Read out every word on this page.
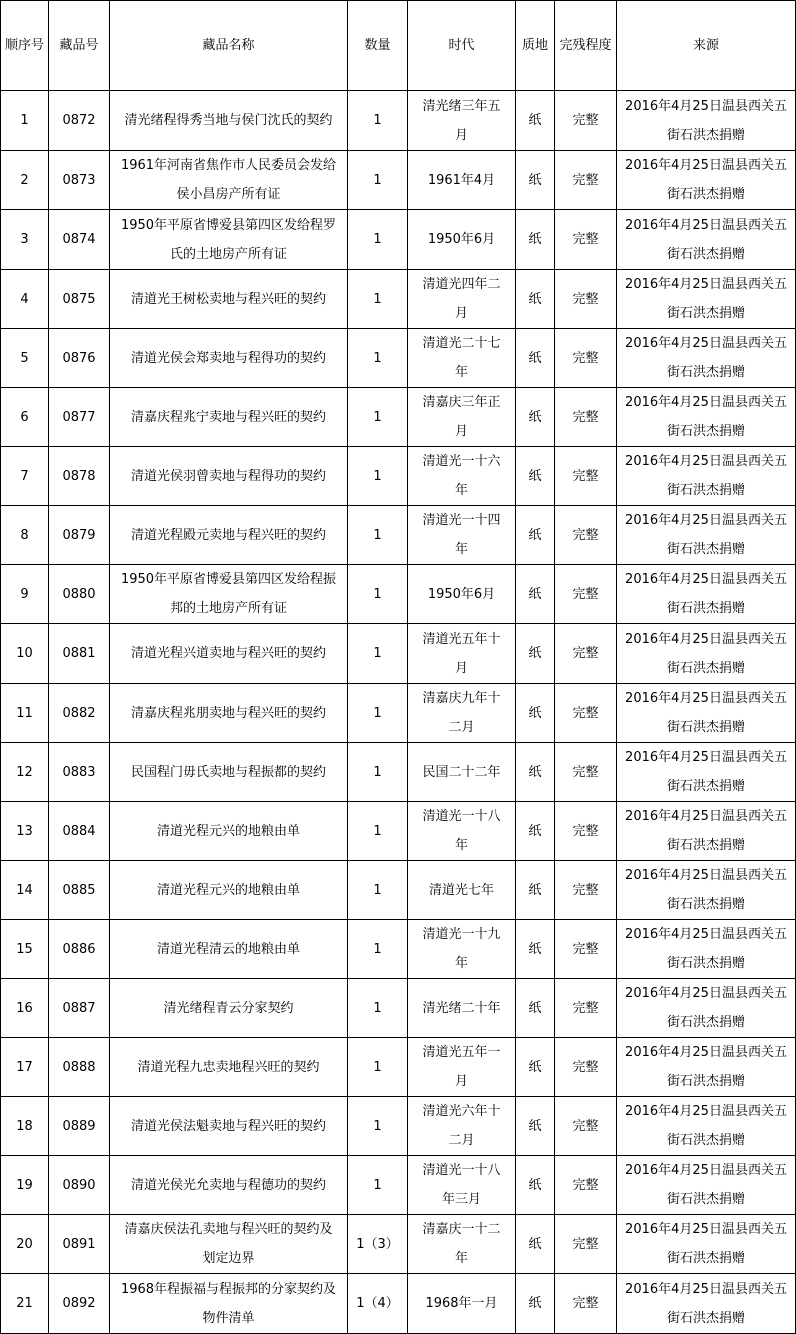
顺序号	藏品号	藏品名称	数量	时代	质地	完残程度	来源
1	0872	清光绪程得秀当地与侯门沈氏的契约	1	清光绪三年五月	纸	完整	2016年4月25日温县西关五街石洪杰捐赠
2	0873	1961年河南省焦作市人民委员会发给侯小昌房产所有证	1	1961年4月	纸	完整	2016年4月25日温县西关五街石洪杰捐赠
3	0874	1950年平原省博爱县第四区发给程罗氏的土地房产所有证	1	1950年6月	纸	完整	2016年4月25日温县西关五街石洪杰捐赠
4	0875	清道光王树松卖地与程兴旺的契约	1	清道光四年二月	纸	完整	2016年4月25日温县西关五街石洪杰捐赠
5	0876	清道光侯会郑卖地与程得功的契约	1	清道光二十七年	纸	完整	2016年4月25日温县西关五街石洪杰捐赠
6	0877	清嘉庆程兆宁卖地与程兴旺的契约	1	清嘉庆三年正月	纸	完整	2016年4月25日温县西关五街石洪杰捐赠
7	0878	清道光侯羽曾卖地与程得功的契约	1	清道光一十六年	纸	完整	2016年4月25日温县西关五街石洪杰捐赠
8	0879	清道光程殿元卖地与程兴旺的契约	1	清道光一十四年	纸	完整	2016年4月25日温县西关五街石洪杰捐赠
9	0880	1950年平原省博爱县第四区发给程振邦的土地房产所有证	1	1950年6月	纸	完整	2016年4月25日温县西关五街石洪杰捐赠
10	0881	清道光程兴道卖地与程兴旺的契约	1	清道光五年十月	纸	完整	2016年4月25日温县西关五街石洪杰捐赠
11	0882	清嘉庆程兆朋卖地与程兴旺的契约	1	清嘉庆九年十二月	纸	完整	2016年4月25日温县西关五街石洪杰捐赠
12	0883	民国程门毋氏卖地与程振都的契约	1	民国二十二年	纸	完整	2016年4月25日温县西关五街石洪杰捐赠
13	0884	清道光程元兴的地粮由单	1	清道光一十八年	纸	完整	2016年4月25日温县西关五街石洪杰捐赠
14	0885	清道光程元兴的地粮由单	1	清道光七年	纸	完整	2016年4月25日温县西关五街石洪杰捐赠
15	0886	清道光程清云的地粮由单	1	清道光一十九年	纸	完整	2016年4月25日温县西关五街石洪杰捐赠
16	0887	清光绪程青云分家契约	1	清光绪二十年	纸	完整	2016年4月25日温县西关五街石洪杰捐赠
17	0888	清道光程九忠卖地程兴旺的契约	1	清道光五年一月	纸	完整	2016年4月25日温县西关五街石洪杰捐赠
18	0889	清道光侯法魁卖地与程兴旺的契约	1	清道光六年十二月	纸	完整	2016年4月25日温县西关五街石洪杰捐赠
19	0890	清道光侯光允卖地与程德功的契约	1	清道光一十八年三月	纸	完整	2016年4月25日温县西关五街石洪杰捐赠
20	0891	清嘉庆侯法孔卖地与程兴旺的契约及划定边界	1（3）	清嘉庆一十二年	纸	完整	2016年4月25日温县西关五街石洪杰捐赠
21	0892	1968年程振福与程振邦的分家契约及物件清单	1（4）	1968年一月	纸	完整	2016年4月25日温县西关五街石洪杰捐赠
